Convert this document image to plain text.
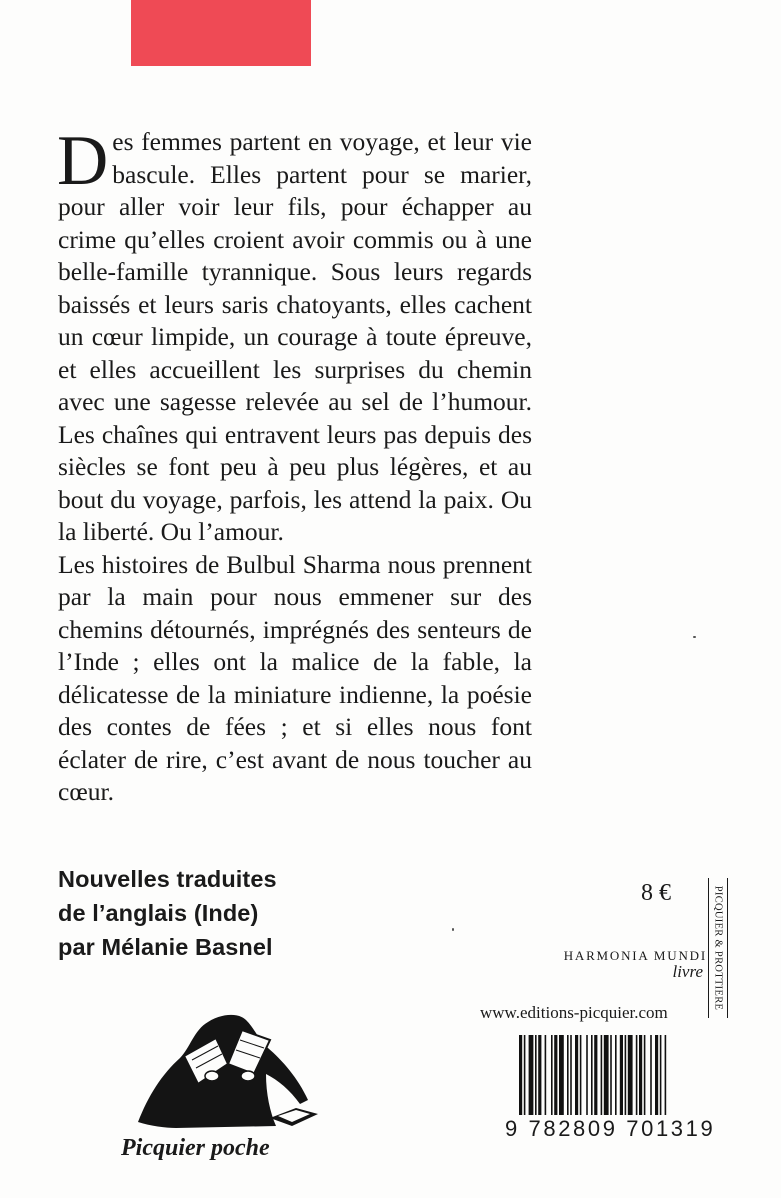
Des femmes partent en voyage, et leur vie bascule. Elles partent pour se marier, pour aller voir leur fils, pour échapper au crime qu’elles croient avoir commis ou à une belle-famille tyrannique. Sous leurs regards baissés et leurs saris chatoyants, elles cachent un cœur limpide, un courage à toute épreuve, et elles accueillent les surprises du chemin avec une sagesse relevée au sel de l’humour. Les chaînes qui entravent leurs pas depuis des siècles se font peu à peu plus légères, et au bout du voyage, parfois, les attend la paix. Ou la liberté. Ou l’amour.

Les histoires de Bulbul Sharma nous prennent par la main pour nous emmener sur des chemins détournés, imprégnés des senteurs de l’Inde ; elles ont la malice de la fable, la délicatesse de la miniature indienne, la poésie des contes de fées ; et si elles nous font éclater de rire, c’est avant de nous toucher au cœur.

Nouvelles traduites
de l’anglais (Inde)
par Mélanie Basnel
8 €	PICQUIER & PROTTIERE
HARMONIA MUNDI
livre
www.editions-picquier.com
9 782809 701319
Picquier poche
